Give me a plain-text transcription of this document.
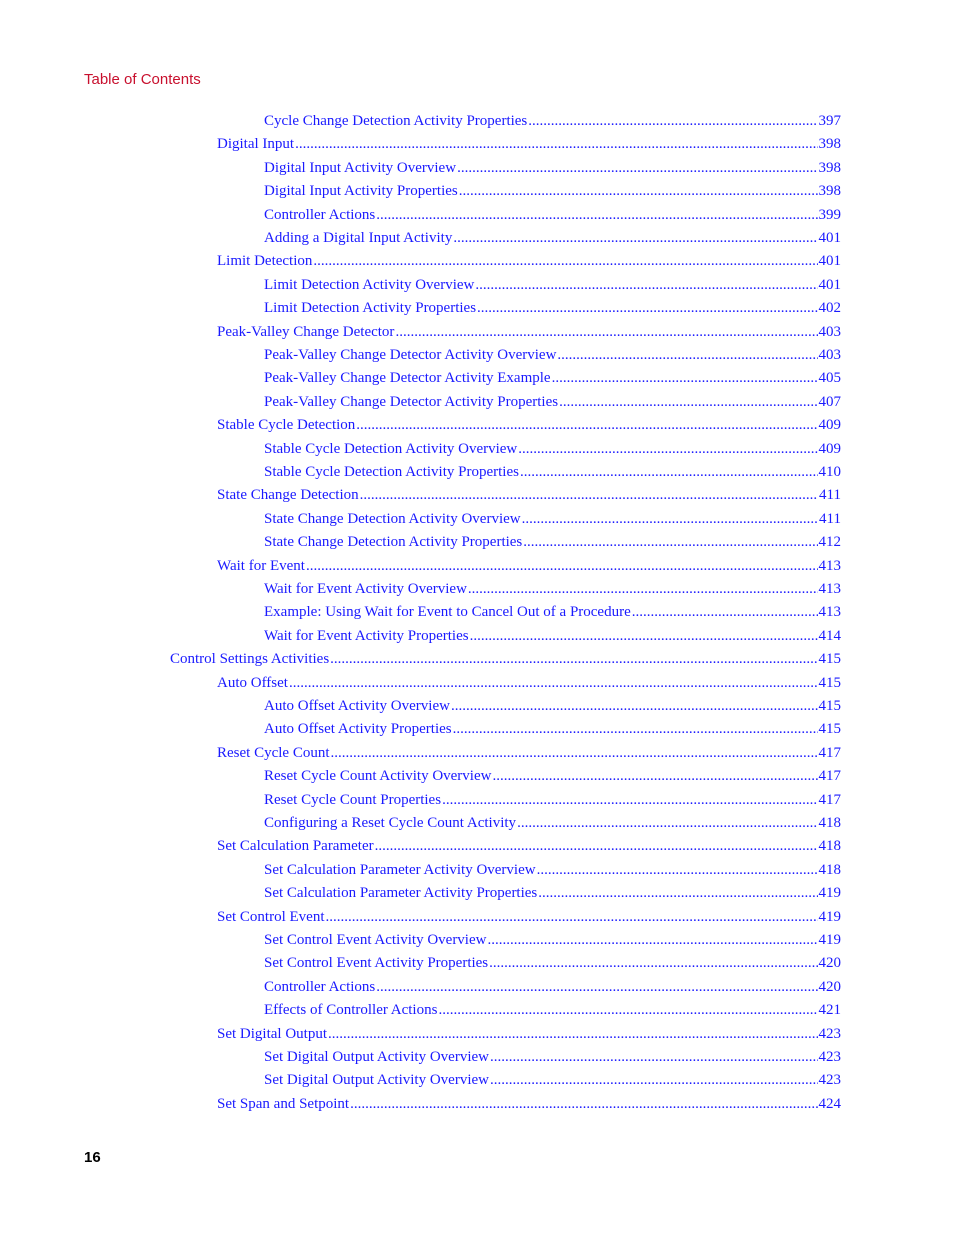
Table of Contents
Cycle Change Detection Activity Properties .....	397
Digital Input .....	398
Digital Input Activity Overview .....	398
Digital Input Activity Properties .....	398
Controller Actions .....	399
Adding a Digital Input Activity .....	401
Limit Detection .....	401
Limit Detection Activity Overview .....	401
Limit Detection Activity Properties .....	402
Peak-Valley Change Detector .....	403
Peak-Valley Change Detector Activity Overview .....	403
Peak-Valley Change Detector Activity Example .....	405
Peak-Valley Change Detector Activity Properties .....	407
Stable Cycle Detection .....	409
Stable Cycle Detection Activity Overview .....	409
Stable Cycle Detection Activity Properties .....	410
State Change Detection .....	411
State Change Detection Activity Overview .....	411
State Change Detection Activity Properties .....	412
Wait for Event .....	413
Wait for Event Activity Overview .....	413
Example: Using Wait for Event to Cancel Out of a Procedure .....	413
Wait for Event Activity Properties .....	414
Control Settings Activities .....	415
Auto Offset .....	415
Auto Offset Activity Overview .....	415
Auto Offset Activity Properties .....	415
Reset Cycle Count .....	417
Reset Cycle Count Activity Overview .....	417
Reset Cycle Count Properties .....	417
Configuring a Reset Cycle Count Activity .....	418
Set Calculation Parameter .....	418
Set Calculation Parameter Activity Overview .....	418
Set Calculation Parameter Activity Properties .....	419
Set Control Event .....	419
Set Control Event Activity Overview .....	419
Set Control Event Activity Properties .....	420
Controller Actions .....	420
Effects of Controller Actions .....	421
Set Digital Output .....	423
Set Digital Output Activity Overview .....	423
Set Digital Output Activity Overview .....	423
Set Span and Setpoint .....	424
16
